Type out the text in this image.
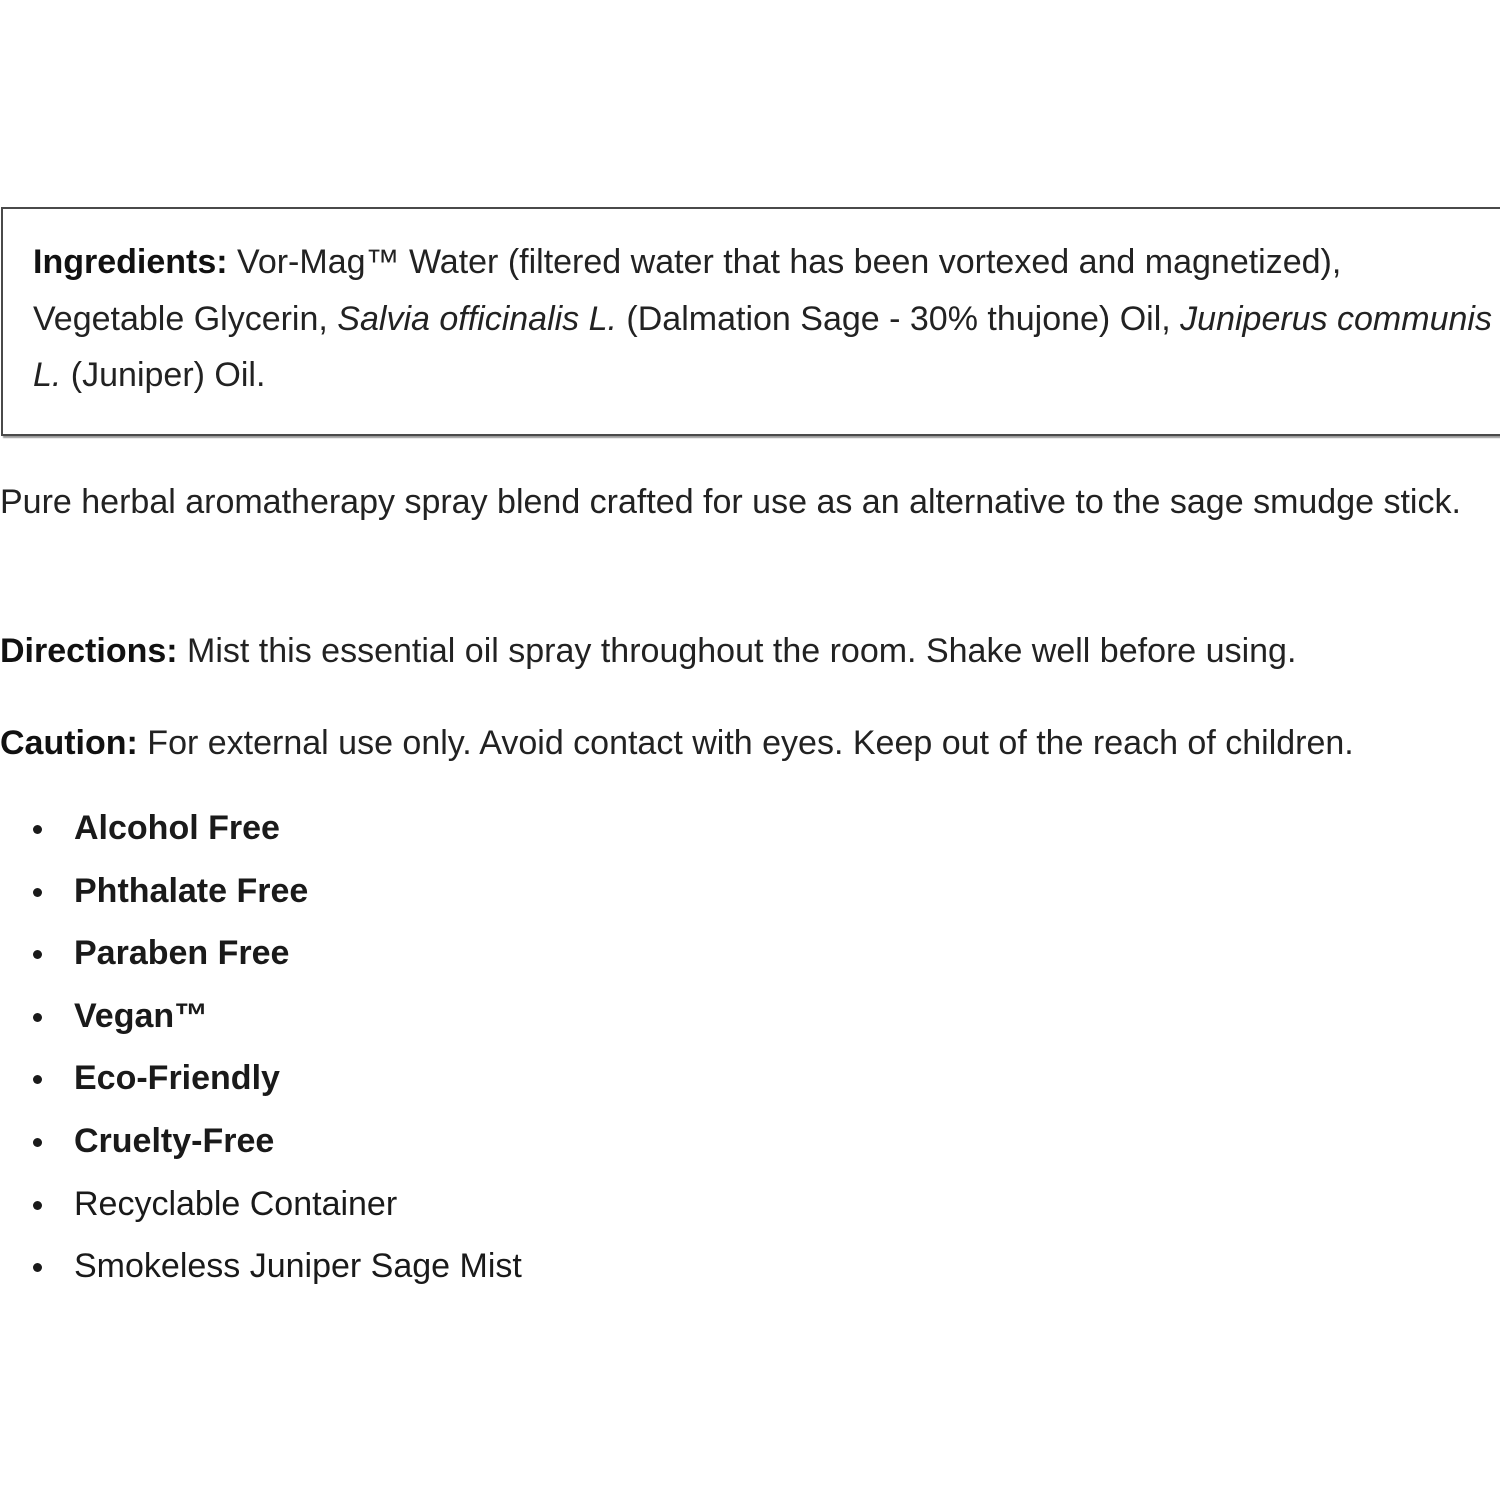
Ingredients: Vor-Mag™ Water (filtered water that has been vortexed and magnetized), Vegetable Glycerin, Salvia officinalis L. (Dalmation Sage - 30% thujone) Oil, Juniperus communis L. (Juniper) Oil.
Pure herbal aromatherapy spray blend crafted for use as an alternative to the sage smudge stick.
Directions: Mist this essential oil spray throughout the room. Shake well before using.
Caution: For external use only. Avoid contact with eyes. Keep out of the reach of children.
Alcohol Free
Phthalate Free
Paraben Free
Vegan™
Eco-Friendly
Cruelty-Free
Recyclable Container
Smokeless Juniper Sage Mist
